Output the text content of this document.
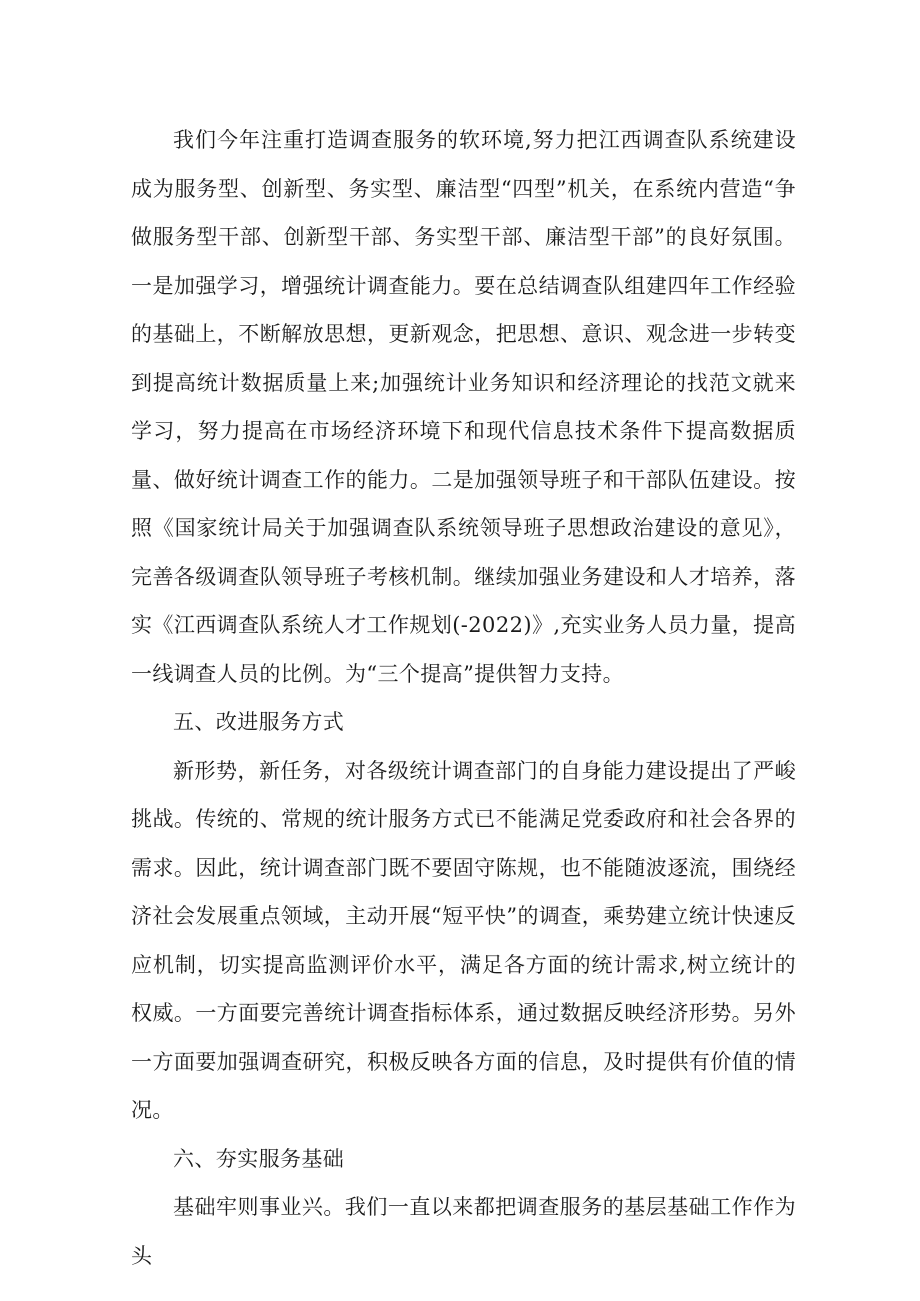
我们今年注重打造调查服务的软环境,努力把江西调查队系统建设成为服务型、创新型、务实型、廉洁型“四型”机关，在系统内营造“争做服务型干部、创新型干部、务实型干部、廉洁型干部”的良好氛围。一是加强学习，增强统计调查能力。要在总结调查队组建四年工作经验的基础上，不断解放思想，更新观念，把思想、意识、观念进一步转变到提高统计数据质量上来;加强统计业务知识和经济理论的找范文就来学习，努力提高在市场经济环境下和现代信息技术条件下提高数据质量、做好统计调查工作的能力。二是加强领导班子和干部队伍建设。按照《国家统计局关于加强调查队系统领导班子思想政治建设的意见》，完善各级调查队领导班子考核机制。继续加强业务建设和人才培养，落实《江西调查队系统人才工作规划(-2022)》,充实业务人员力量，提高一线调查人员的比例。为“三个提高”提供智力支持。

五、改进服务方式

新形势，新任务，对各级统计调查部门的自身能力建设提出了严峻挑战。传统的、常规的统计服务方式已不能满足党委政府和社会各界的需求。因此，统计调查部门既不要固守陈规，也不能随波逐流，围绕经济社会发展重点领域，主动开展“短平快”的调查，乘势建立统计快速反应机制，切实提高监测评价水平，满足各方面的统计需求,树立统计的权威。一方面要完善统计调查指标体系，通过数据反映经济形势。另外一方面要加强调查研究，积极反映各方面的信息，及时提供有价值的情况。

六、夯实服务基础

基础牢则事业兴。我们一直以来都把调查服务的基层基础工作作为头
